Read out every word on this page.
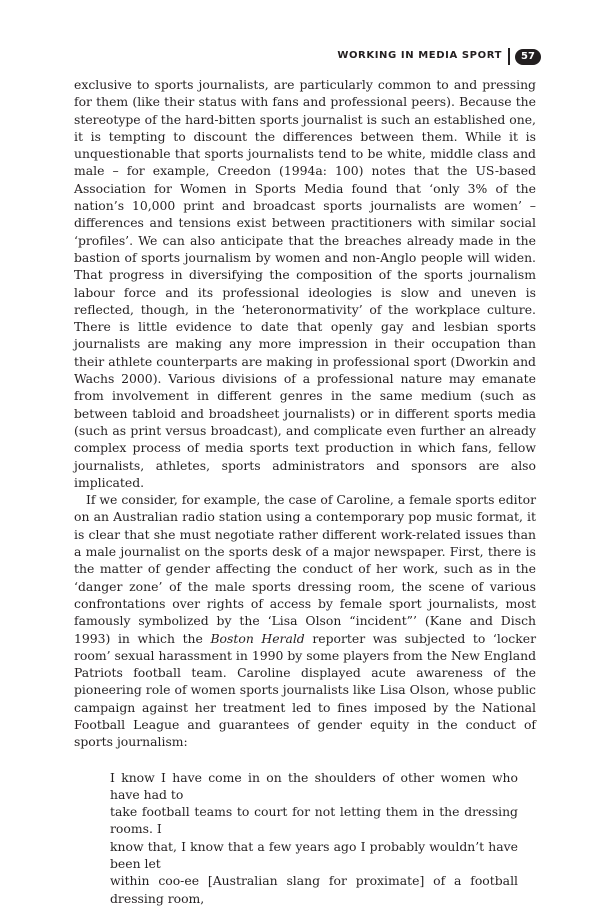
WORKING IN MEDIA SPORT	57

exclusive to sports journalists, are particularly common to and pressing for them (like their status with fans and professional peers). Because the stereotype of the hard-bitten sports journalist is such an established one, it is tempting to discount the differences between them. While it is unquestionable that sports journalists tend to be white, middle class and male – for example, Creedon (1994a: 100) notes that the US-based Association for Women in Sports Media found that ‘only 3% of the nation’s 10,000 print and broadcast sports journalists are women’ – differences and tensions exist between practitioners with similar social ‘profiles’. We can also anticipate that the breaches already made in the bastion of sports journalism by women and non-Anglo people will widen. That progress in diversifying the composition of the sports journalism labour force and its professional ideologies is slow and uneven is reflected, though, in the ‘heteronormativity’ of the workplace culture. There is little evidence to date that openly gay and lesbian sports journalists are making any more impression in their occupation than their athlete counterparts are making in professional sport (Dworkin and Wachs 2000). Various divisions of a professional nature may emanate from involvement in different genres in the same medium (such as between tabloid and broadsheet journalists) or in different sports media (such as print versus broadcast), and complicate even further an already complex process of media sports text production in which fans, fellow journalists, athletes, sports administrators and sponsors are also implicated.

If we consider, for example, the case of Caroline, a female sports editor on an Australian radio station using a contemporary pop music format, it is clear that she must negotiate rather different work-related issues than a male journalist on the sports desk of a major newspaper. First, there is the matter of gender affecting the conduct of her work, such as in the ‘danger zone’ of the male sports dressing room, the scene of various confrontations over rights of access by female sport journalists, most famously symbolized by the ‘Lisa Olson “incident”’ (Kane and Disch 1993) in which the Boston Herald reporter was subjected to ‘locker room’ sexual harassment in 1990 by some players from the New England Patriots football team. Caroline displayed acute awareness of the pioneering role of women sports journalists like Lisa Olson, whose public campaign against her treatment led to fines imposed by the National Football League and guarantees of gender equity in the conduct of sports journalism:

I know I have come in on the shoulders of other women who have had to
take football teams to court for not letting them in the dressing rooms. I
know that, I know that a few years ago I probably wouldn’t have been let
within coo-ee [Australian slang for proximate] of a football dressing room,
